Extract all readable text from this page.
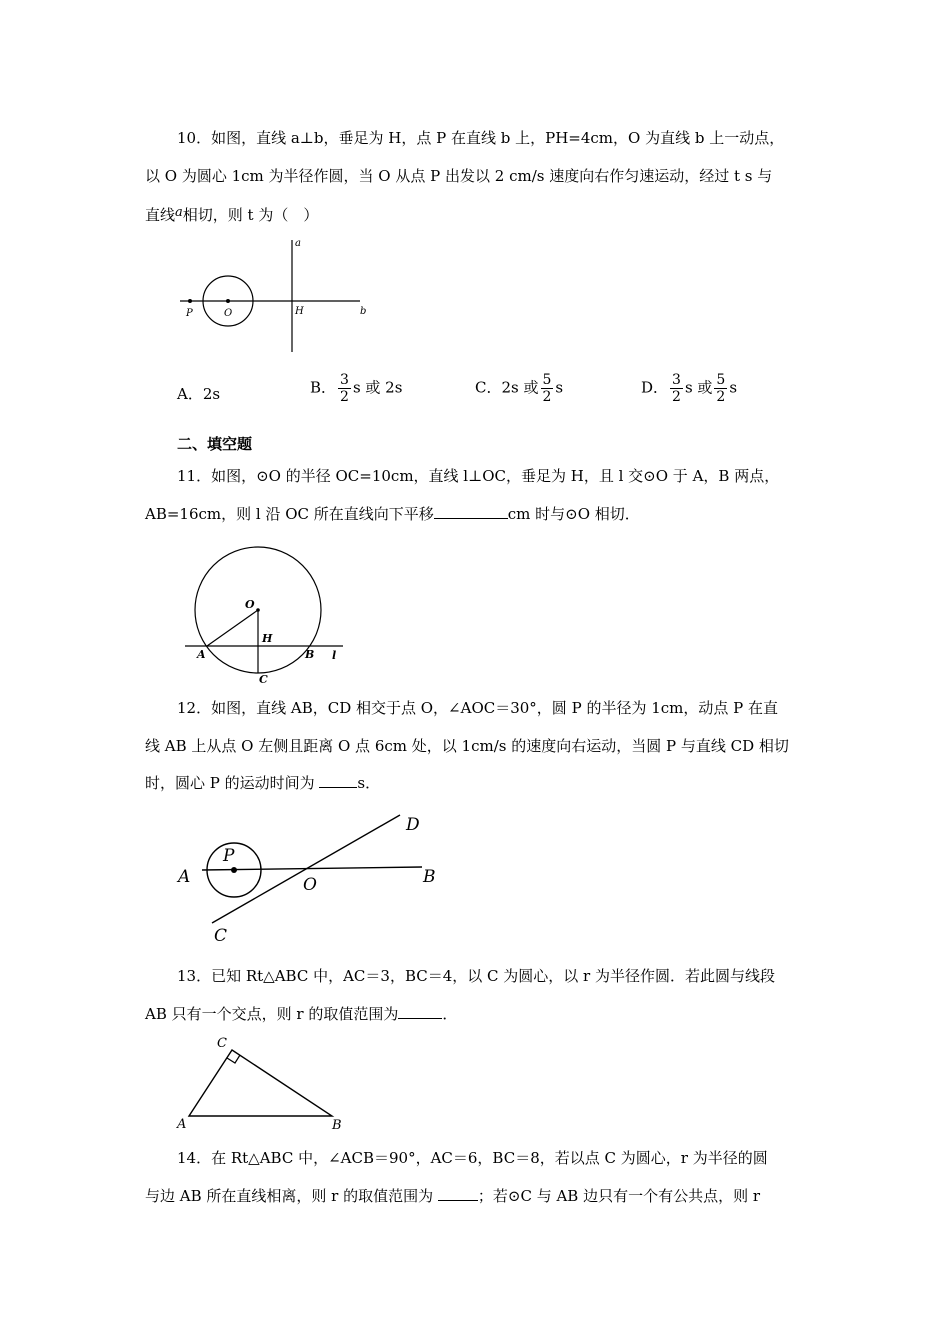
10．如图，直线 a⊥b，垂足为 H，点 P 在直线 b 上，PH=4cm，O 为直线 b 上一动点，
以 O 为圆心 1cm 为半径作圆，当 O 从点 P 出发以 2 cm/s 速度向右作匀速运动，经过 t s 与
直线a相切，则 t 为（　）
a
b
P	O	H
A．2s	B． $\frac{3}{2}$ s 或 2s	C．2s 或 $\frac{5}{2}$ s	D． $\frac{3}{2}$ s 或 $\frac{5}{2}$ s
二、填空题
11．如图，⊙O 的半径 OC=10cm，直线 l⊥OC，垂足为 H，且 l 交⊙O 于 A，B 两点，
AB=16cm，则 l 沿 OC 所在直线向下平移	cm 时与⊙O 相切．
O
H
A	B
C
l
12．如图，直线 AB，CD 相交于点 O，∠AOC＝30°，圆 P 的半径为 1cm，动点 P 在直
线 AB 上从点 O 左侧且距离 O 点 6cm 处，以 1cm/s 的速度向右运动，当圆 P 与直线 CD 相切
时，圆心 P 的运动时间为	s．
A	B
C
D
P
O
13．已知 Rt△ABC 中，AC＝3，BC＝4，以 C 为圆心，以 r 为半径作圆．若此圆与线段
AB 只有一个交点，则 r 的取值范围为	．
A	B
C
14．在 Rt△ABC 中，∠ACB＝90°，AC＝6，BC＝8，若以点 C 为圆心，r 为半径的圆
与边 AB 所在直线相离，则 r 的取值范围为	；若⊙C 与 AB 边只有一个有公共点，则 r
